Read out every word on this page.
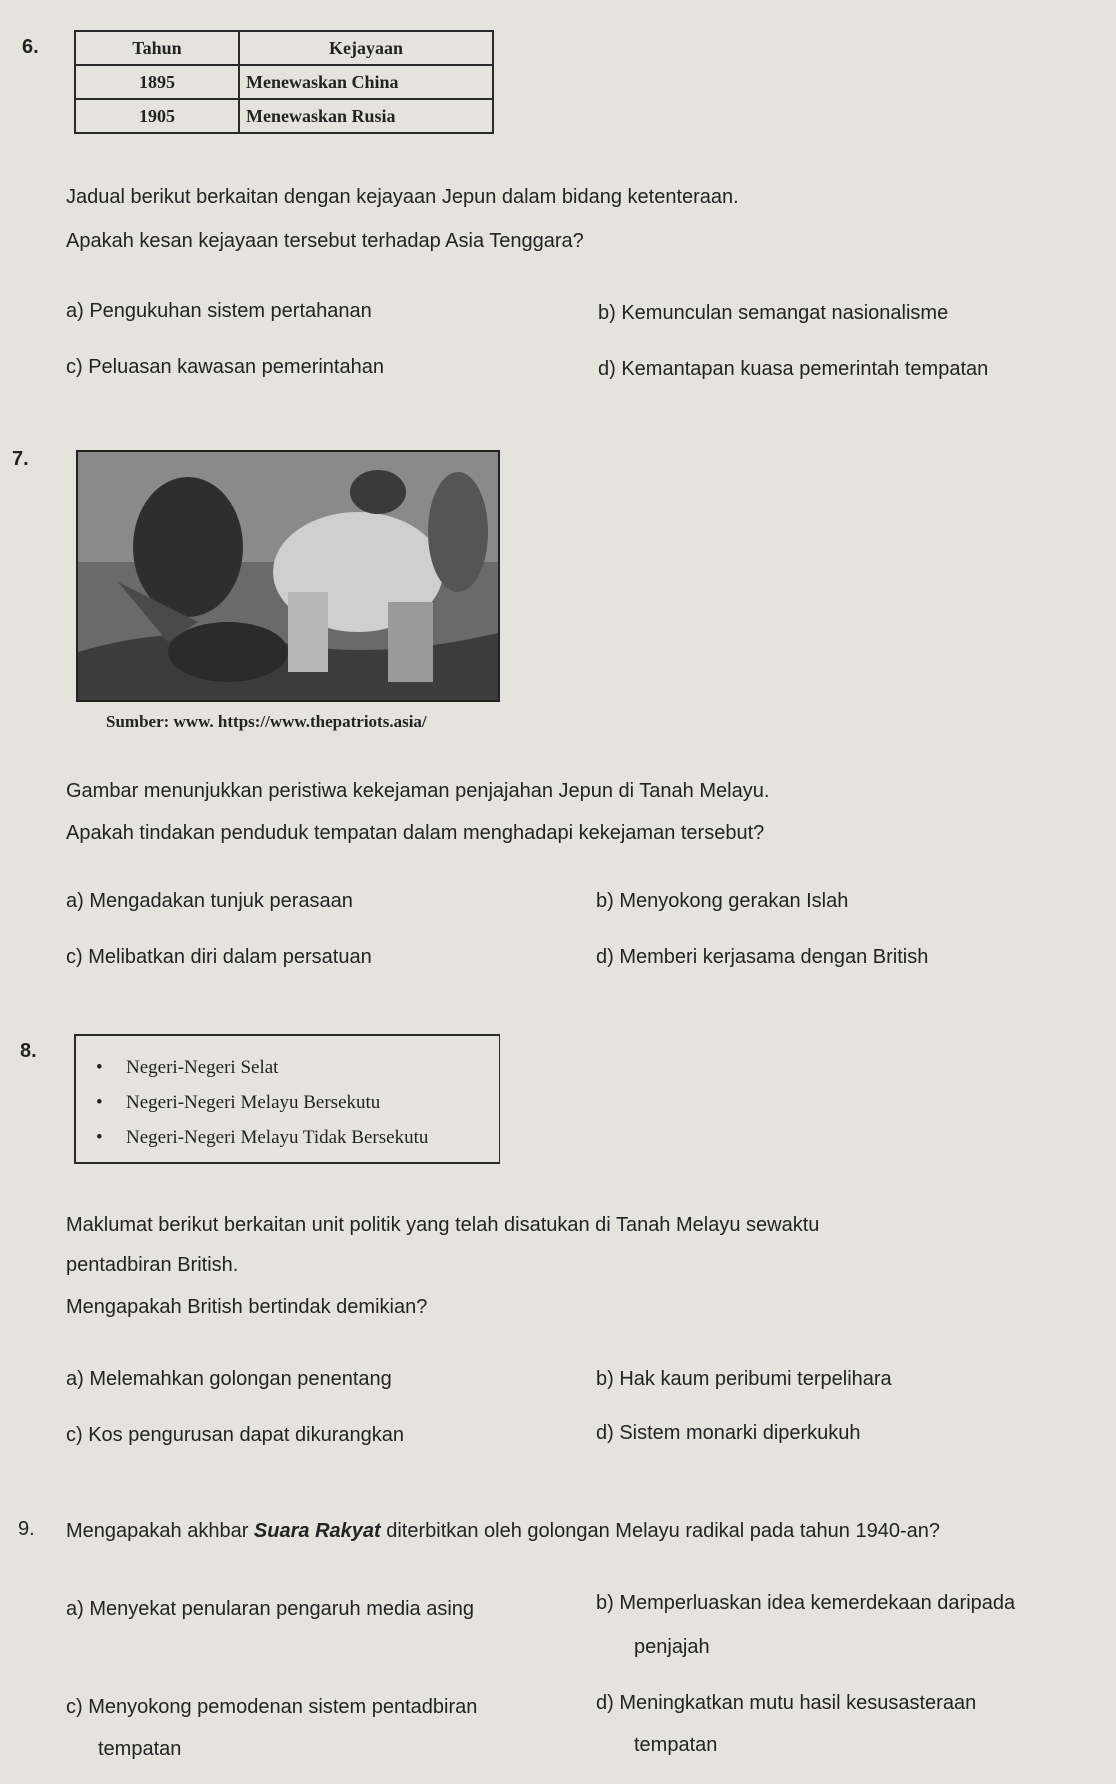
6.	Tahun	Kejayaan
1895	Menewaskan China
1905	Menewaskan Rusia
Jadual berikut berkaitan dengan kejayaan Jepun dalam bidang ketenteraan.
Apakah kesan kejayaan tersebut terhadap Asia Tenggara?
a) Pengukuhan sistem pertahanan	b) Kemunculan semangat nasionalisme
c) Peluasan kawasan pemerintahan	d) Kemantapan kuasa pemerintah tempatan
7.
Sumber: www. https://www.thepatriots.asia/
Gambar menunjukkan peristiwa kekejaman penjajahan Jepun di Tanah Melayu.
Apakah tindakan penduduk tempatan dalam menghadapi kekejaman tersebut?
a) Mengadakan tunjuk perasaan	b) Menyokong gerakan Islah
c) Melibatkan diri dalam persatuan	d) Memberi kerjasama dengan British
8.
• Negeri-Negeri Selat
• Negeri-Negeri Melayu Bersekutu
• Negeri-Negeri Melayu Tidak Bersekutu
Maklumat berikut berkaitan unit politik yang telah disatukan di Tanah Melayu sewaktu
pentadbiran British.
Mengapakah British bertindak demikian?
a) Melemahkan golongan penentang	b) Hak kaum peribumi terpelihara
c) Kos pengurusan dapat dikurangkan	d) Sistem monarki diperkukuh
9. Mengapakah akhbar Suara Rakyat diterbitkan oleh golongan Melayu radikal pada tahun 1940-an?
a) Menyekat penularan pengaruh media asing	b) Memperluaskan idea kemerdekaan daripada
penjajah
c) Menyokong pemodenan sistem pentadbiran
tempatan
d) Meningkatkan mutu hasil kesusasteraan
tempatan
